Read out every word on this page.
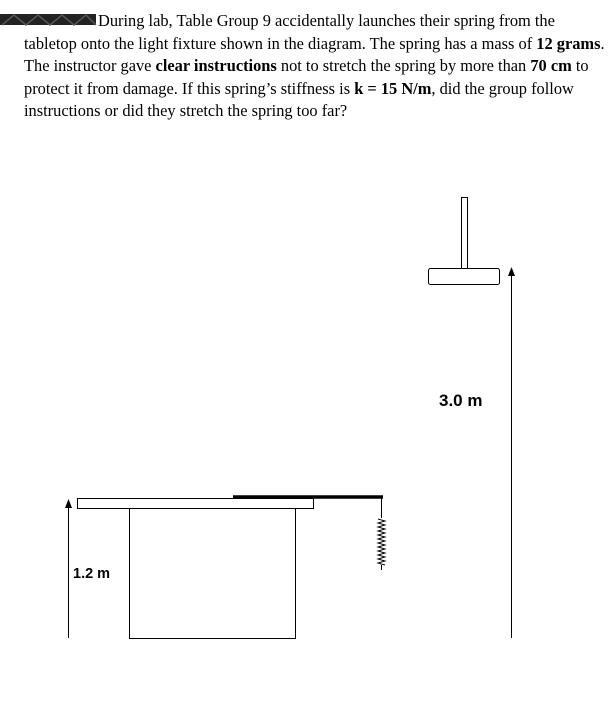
During lab, Table Group 9 accidentally launches their spring from the tabletop onto the light fixture shown in the diagram. The spring has a mass of 12 grams. The instructor gave clear instructions not to stretch the spring by more than 70 cm to protect it from damage. If this spring’s stiffness is k = 15 N/m, did the group follow instructions or did they stretch the spring too far?

1.2 m
3.0 m
